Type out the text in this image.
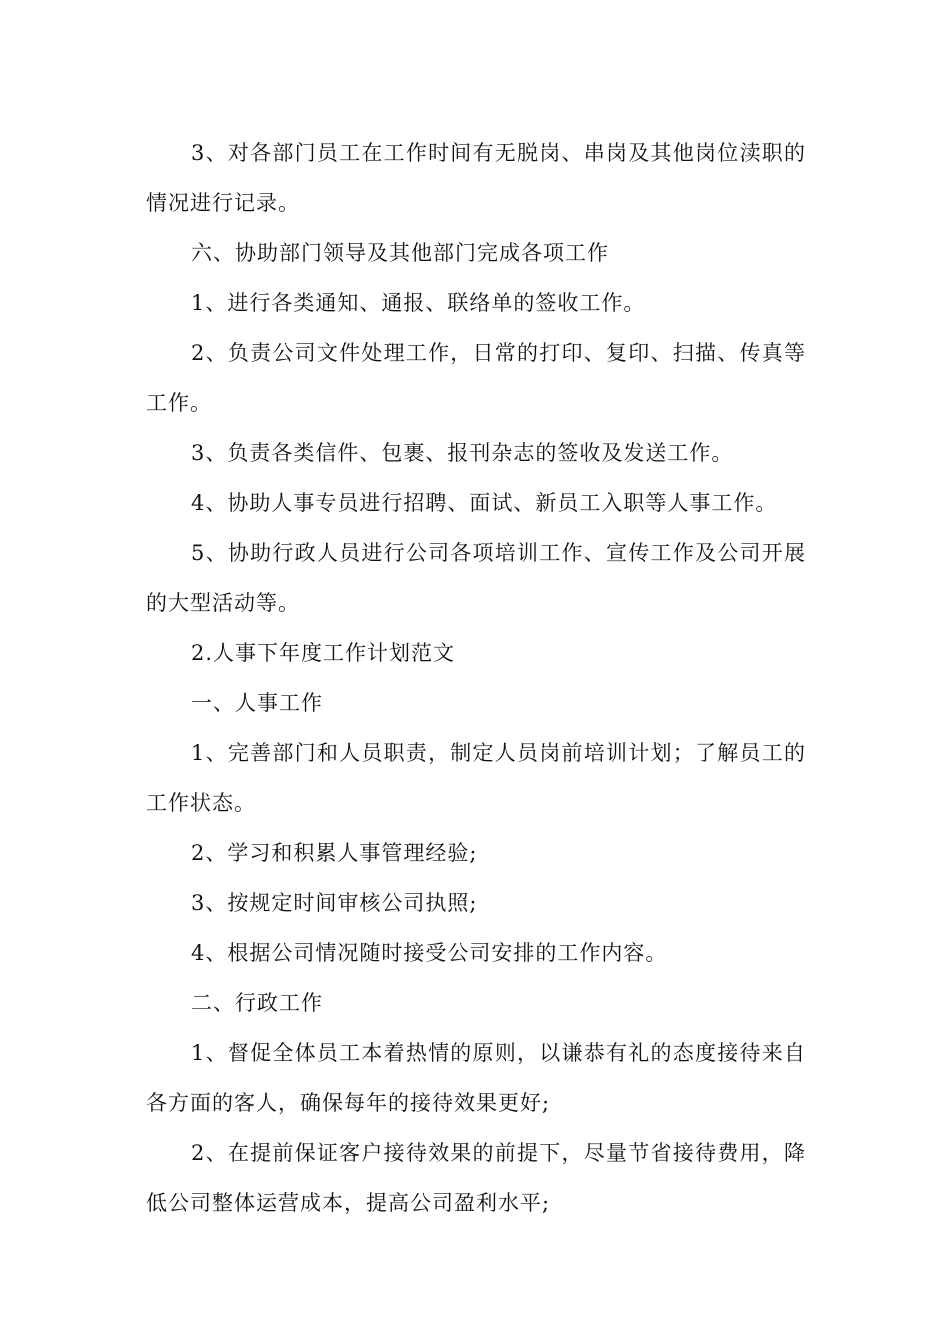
3、对各部门员工在工作时间有无脱岗、串岗及其他岗位渎职的情况进行记录。

六、协助部门领导及其他部门完成各项工作

1、进行各类通知、通报、联络单的签收工作。

2、负责公司文件处理工作，日常的打印、复印、扫描、传真等工作。

3、负责各类信件、包裹、报刊杂志的签收及发送工作。

4、协助人事专员进行招聘、面试、新员工入职等人事工作。

5、协助行政人员进行公司各项培训工作、宣传工作及公司开展的大型活动等。

2.人事下年度工作计划范文

一、人事工作

1、完善部门和人员职责，制定人员岗前培训计划；了解员工的工作状态。

2、学习和积累人事管理经验;

3、按规定时间审核公司执照;

4、根据公司情况随时接受公司安排的工作内容。

二、行政工作

1、督促全体员工本着热情的原则，以谦恭有礼的态度接待来自各方面的客人，确保每年的接待效果更好;

2、在提前保证客户接待效果的前提下，尽量节省接待费用，降低公司整体运营成本，提高公司盈利水平;
